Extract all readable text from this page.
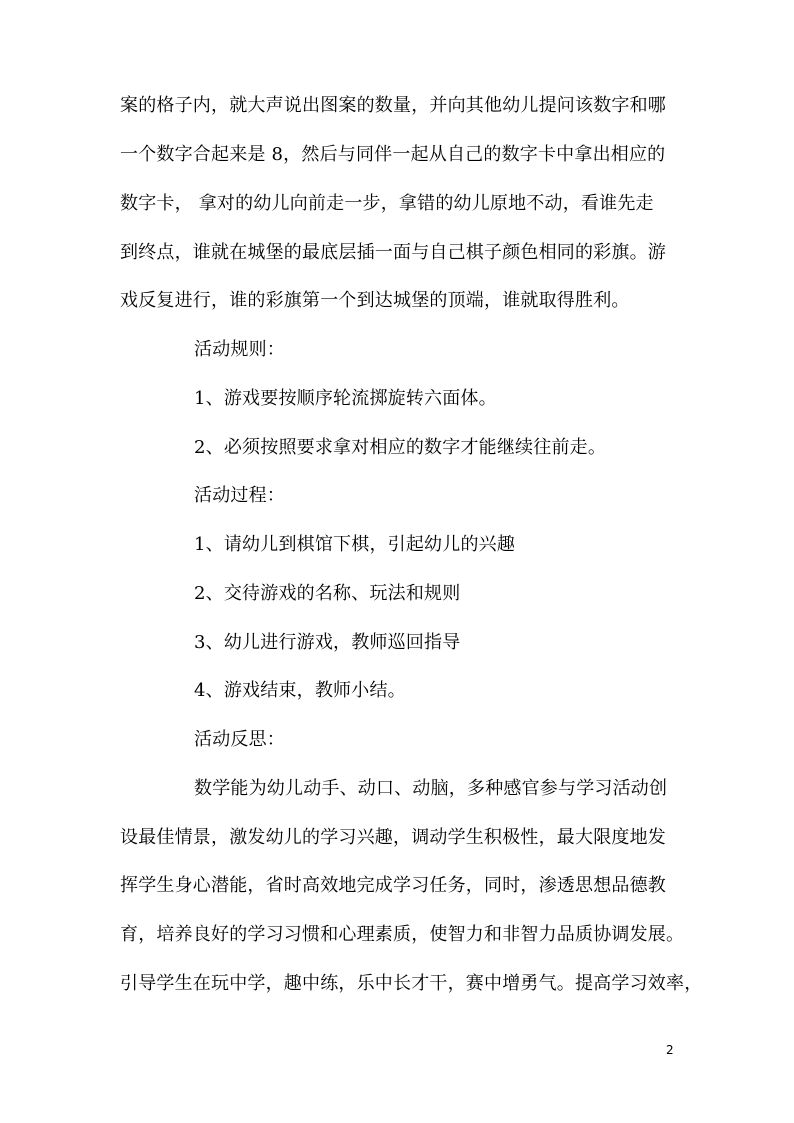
案的格子内，就大声说出图案的数量，并向其他幼儿提问该数字和哪
一个数字合起来是 8，然后与同伴一起从自己的数字卡中拿出相应的
数字卡， 拿对的幼儿向前走一步，拿错的幼儿原地不动，看谁先走
到终点，谁就在城堡的最底层插一面与自己棋子颜色相同的彩旗。游
戏反复进行，谁的彩旗第一个到达城堡的顶端，谁就取得胜利。
活动规则：
1、游戏要按顺序轮流掷旋转六面体。
2、必须按照要求拿对相应的数字才能继续往前走。
活动过程：
1、请幼儿到棋馆下棋，引起幼儿的兴趣
2、交待游戏的名称、玩法和规则
3、幼儿进行游戏，教师巡回指导
4、游戏结束，教师小结。
活动反思：
数学能为幼儿动手、动口、动脑，多种感官参与学习活动创
设最佳情景，激发幼儿的学习兴趣，调动学生积极性，最大限度地发
挥学生身心潜能，省时高效地完成学习任务，同时，渗透思想品德教
育，培养良好的学习习惯和心理素质，使智力和非智力品质协调发展。
引导学生在玩中学，趣中练，乐中长才干，赛中增勇气。提高学习效率，
2
